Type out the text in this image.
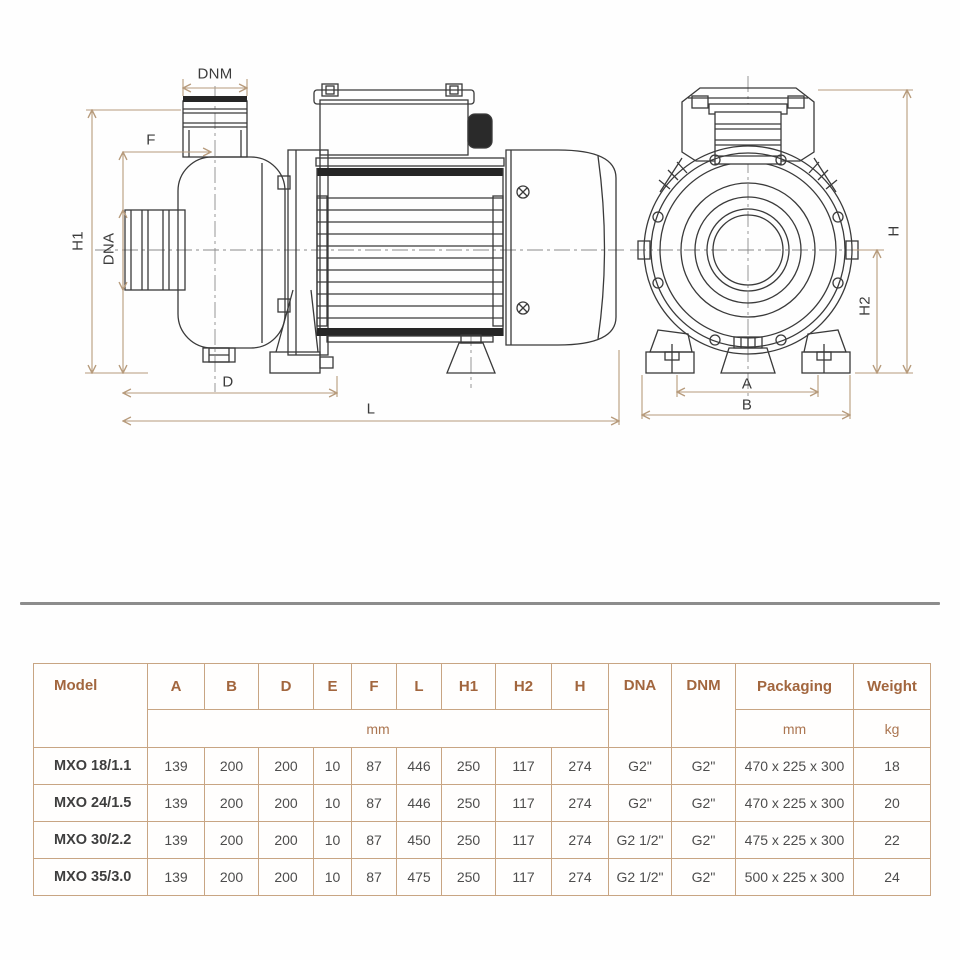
DNM
F
H1 DNA
D
L
A
B
H
H2
Model	A	B	D	E	F	L	H1	H2	H	DNA	DNM	Packaging	Weight
	mm											mm	kg
MXO 18/1.1	139	200	200	10	87	446	250	117	274	G2"	G2"	470 x 225 x 300	18
MXO 24/1.5	139	200	200	10	87	446	250	117	274	G2"	G2"	470 x 225 x 300	20
MXO 30/2.2	139	200	200	10	87	450	250	117	274	G2 1/2"	G2"	475 x 225 x 300	22
MXO 35/3.0	139	200	200	10	87	475	250	117	274	G2 1/2"	G2"	500 x 225 x 300	24
